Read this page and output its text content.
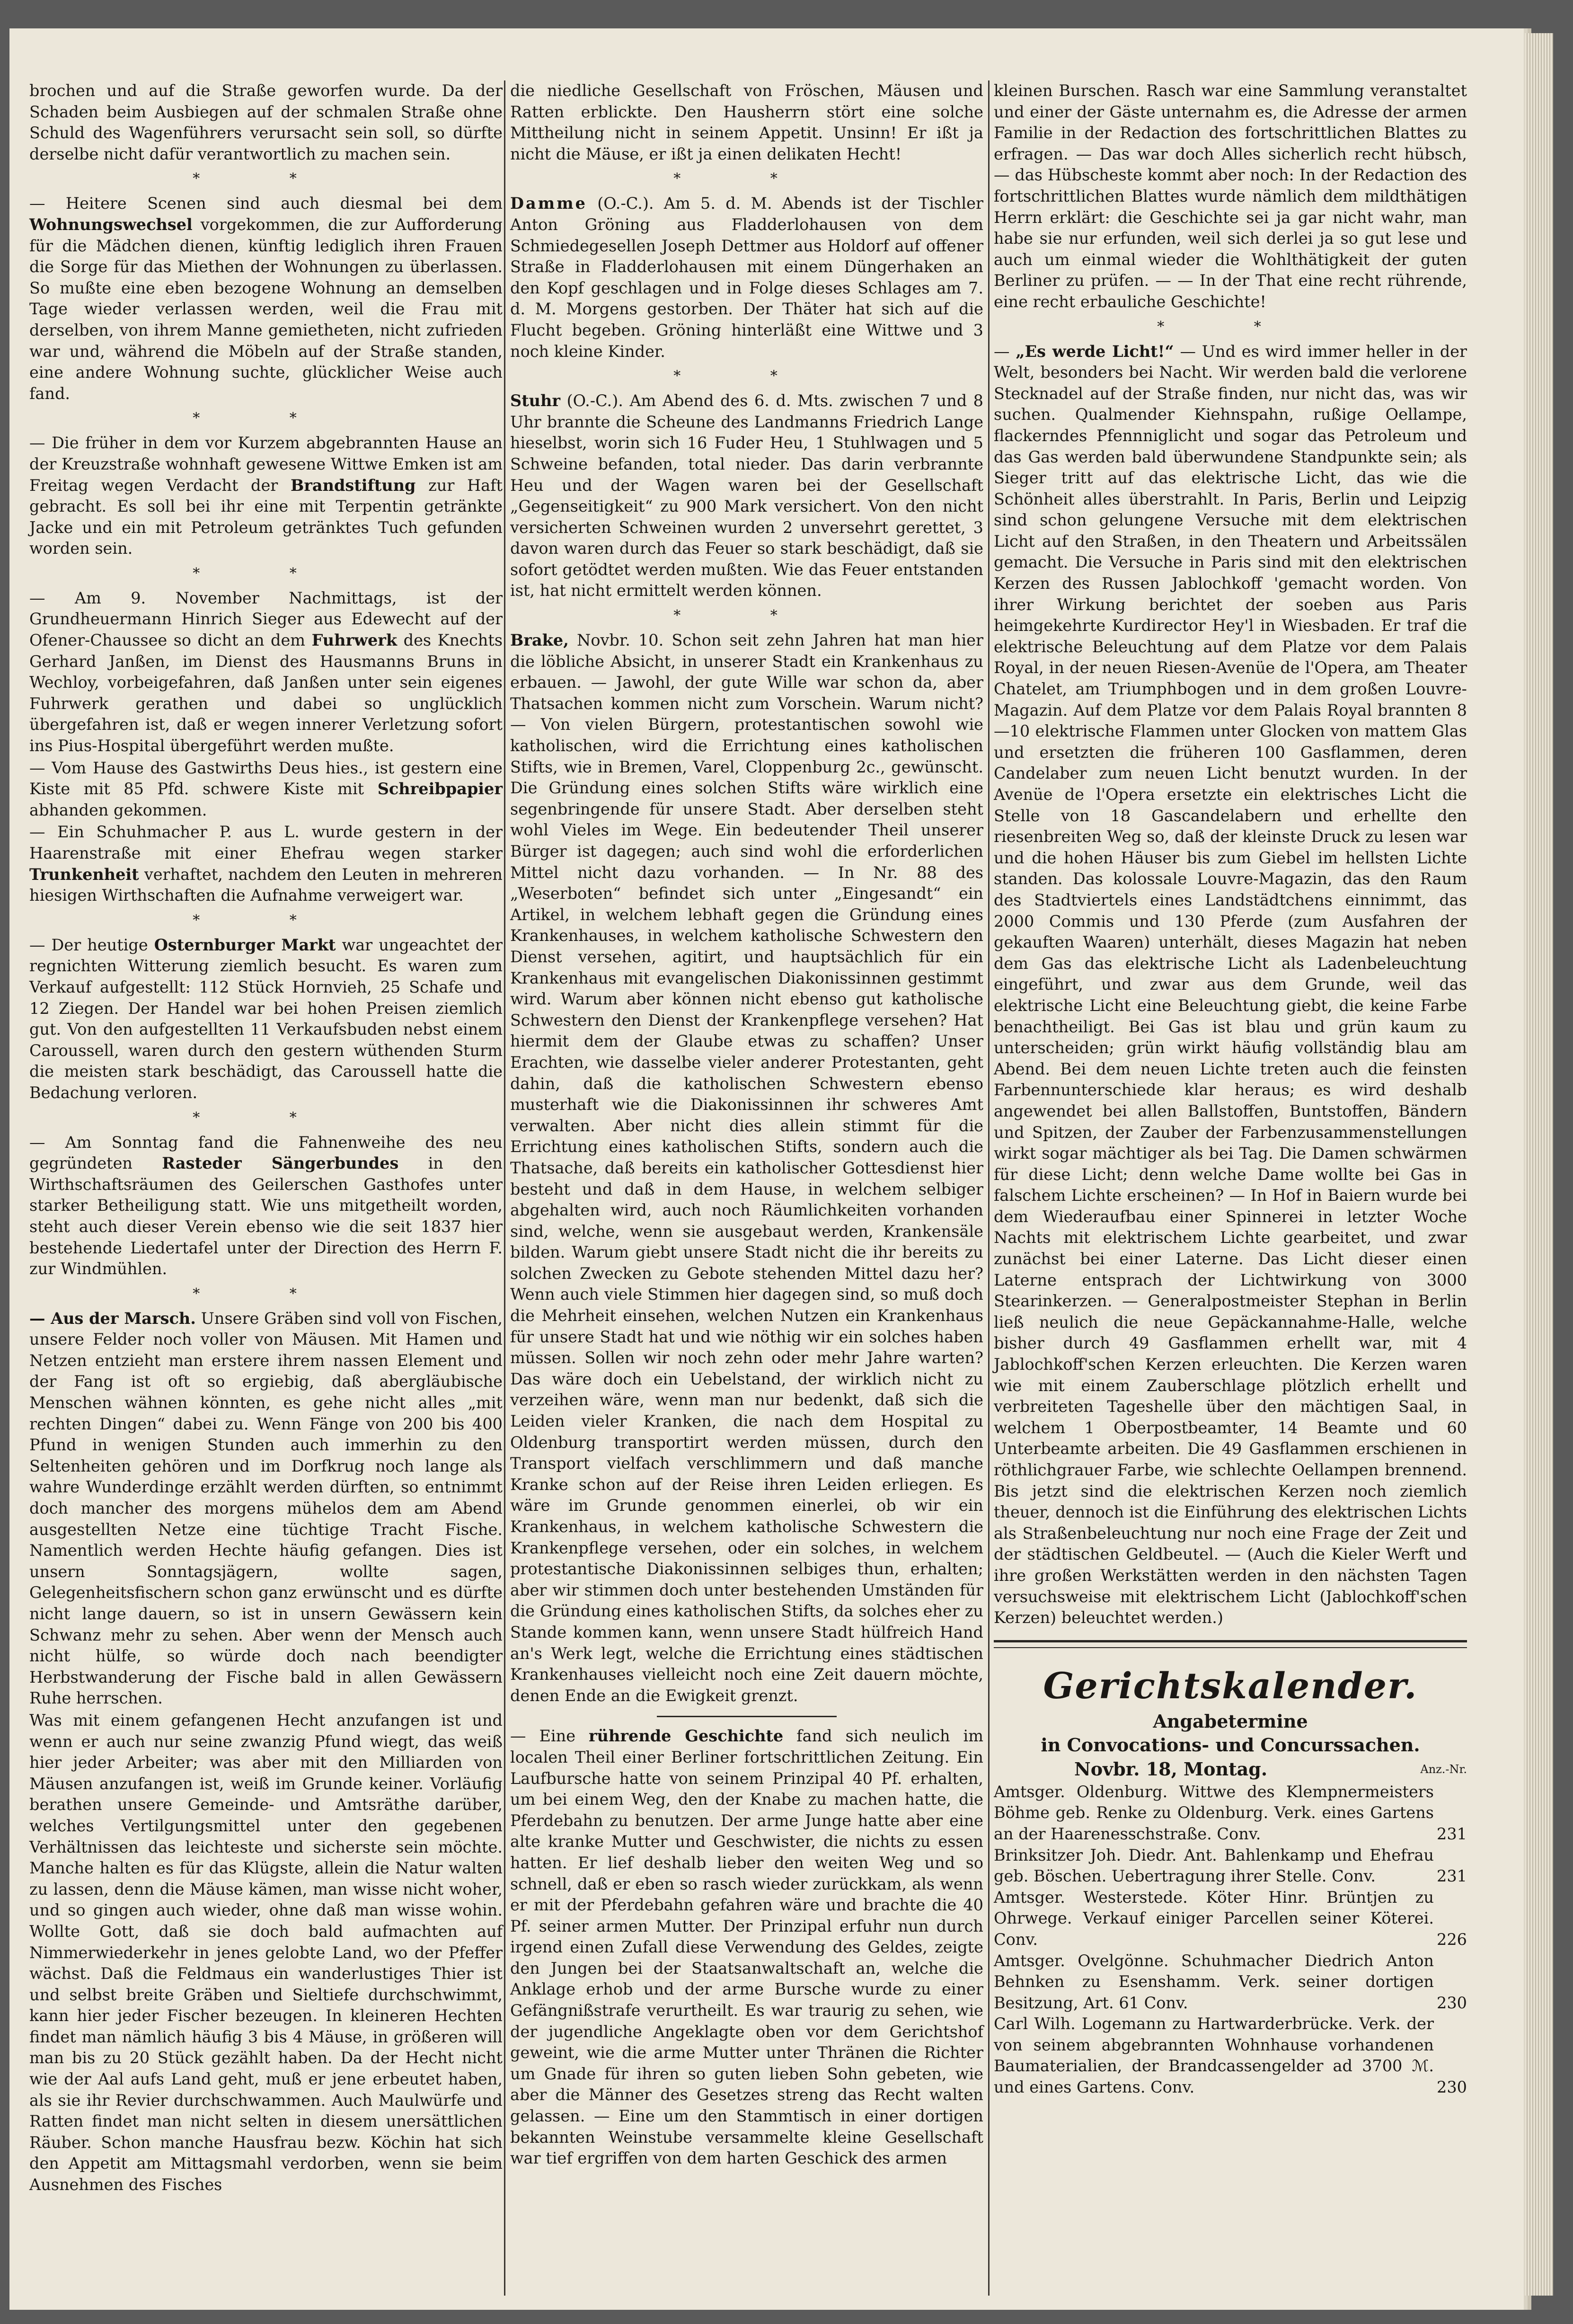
brochen und auf die Straße geworfen wurde. Da der Schaden beim Ausbiegen auf der schmalen Straße ohne Schuld des Wagenführers verursacht sein soll, so dürfte derselbe nicht dafür verantwortlich zu machen sein.

* *

— Heitere Scenen sind auch diesmal bei dem Wohnungswechsel vorgekommen, die zur Aufforderung für die Mädchen dienen, künftig lediglich ihren Frauen die Sorge für das Miethen der Wohnungen zu überlassen. So mußte eine eben bezogene Wohnung an demselben Tage wieder verlassen werden, weil die Frau mit derselben, von ihrem Manne gemietheten, nicht zufrieden war und, während die Möbeln auf der Straße standen, eine andere Wohnung suchte, glücklicher Weise auch fand.

* *

— Die früher in dem vor Kurzem abgebrannten Hause an der Kreuzstraße wohnhaft gewesene Wittwe Emken ist am Freitag wegen Verdacht der Brandstiftung zur Haft gebracht. Es soll bei ihr eine mit Terpentin getränkte Jacke und ein mit Petroleum getränktes Tuch gefunden worden sein.

* *

— Am 9. November Nachmittags, ist der Grundheuermann Hinrich Sieger aus Edewecht auf der Ofener-Chaussee so dicht an dem Fuhrwerk des Knechts Gerhard Janßen, im Dienst des Hausmanns Bruns in Wechloy, vorbeigefahren, daß Janßen unter sein eigenes Fuhrwerk gerathen und dabei so unglücklich übergefahren ist, daß er wegen innerer Verletzung sofort ins Pius-Hospital übergeführt werden mußte.

— Vom Hause des Gastwirths Deus hies., ist gestern eine Kiste mit 85 Pfd. schwere Kiste mit Schreibpapier abhanden gekommen.

— Ein Schuhmacher P. aus L. wurde gestern in der Haarenstraße mit einer Ehefrau wegen starker Trunkenheit verhaftet, nachdem den Leuten in mehreren hiesigen Wirthschaften die Aufnahme verweigert war.

* *

— Der heutige Osternburger Markt war ungeachtet der regnichten Witterung ziemlich besucht. Es waren zum Verkauf aufgestellt: 112 Stück Hornvieh, 25 Schafe und 12 Ziegen. Der Handel war bei hohen Preisen ziemlich gut. Von den aufgestellten 11 Verkaufsbuden nebst einem Caroussell, waren durch den gestern wüthenden Sturm die meisten stark beschädigt, das Caroussell hatte die Bedachung verloren.

* *

— Am Sonntag fand die Fahnenweihe des neu gegründeten Rasteder Sängerbundes in den Wirthschaftsräumen des Geilerschen Gasthofes unter starker Betheiligung statt. Wie uns mitgetheilt worden, steht auch dieser Verein ebenso wie die seit 1837 hier bestehende Liedertafel unter der Direction des Herrn F. zur Windmühlen.

* *

— Aus der Marsch. Unsere Gräben sind voll von Fischen, unsere Felder noch voller von Mäusen. Mit Hamen und Netzen entzieht man erstere ihrem nassen Element und der Fang ist oft so ergiebig, daß abergläubische Menschen wähnen könnten, es gehe nicht alles „mit rechten Dingen“ dabei zu. Wenn Fänge von 200 bis 400 Pfund in wenigen Stunden auch immerhin zu den Seltenheiten gehören und im Dorfkrug noch lange als wahre Wunderdinge erzählt werden dürften, so entnimmt doch mancher des morgens mühelos dem am Abend ausgestellten Netze eine tüchtige Tracht Fische. Namentlich werden Hechte häufig gefangen. Dies ist unsern Sonntagsjägern, wollte sagen, Gelegenheitsfischern schon ganz erwünscht und es dürfte nicht lange dauern, so ist in unsern Gewässern kein Schwanz mehr zu sehen. Aber wenn der Mensch auch nicht hülfe, so würde doch nach beendigter Herbstwanderung der Fische bald in allen Gewässern Ruhe herrschen.

Was mit einem gefangenen Hecht anzufangen ist und wenn er auch nur seine zwanzig Pfund wiegt, das weiß hier jeder Arbeiter; was aber mit den Milliarden von Mäusen anzufangen ist, weiß im Grunde keiner. Vorläufig berathen unsere Gemeinde- und Amtsräthe darüber, welches Vertilgungsmittel unter den gegebenen Verhältnissen das leichteste und sicherste sein möchte. Manche halten es für das Klügste, allein die Natur walten zu lassen, denn die Mäuse kämen, man wisse nicht woher, und so gingen auch wieder, ohne daß man wisse wohin. Wollte Gott, daß sie doch bald aufmachten auf Nimmerwiederkehr in jenes gelobte Land, wo der Pfeffer wächst. Daß die Feldmaus ein wanderlustiges Thier ist und selbst breite Gräben und Sieltiefe durchschwimmt, kann hier jeder Fischer bezeugen. In kleineren Hechten findet man nämlich häufig 3 bis 4 Mäuse, in größeren will man bis zu 20 Stück gezählt haben. Da der Hecht nicht wie der Aal aufs Land geht, muß er jene erbeutet haben, als sie ihr Revier durchschwammen. Auch Maulwürfe und Ratten findet man nicht selten in diesem unersättlichen Räuber. Schon manche Hausfrau bezw. Köchin hat sich den Appetit am Mittagsmahl verdorben, wenn sie beim Ausnehmen des Fisches

die niedliche Gesellschaft von Fröschen, Mäusen und Ratten erblickte. Den Hausherrn stört eine solche Mittheilung nicht in seinem Appetit. Unsinn! Er ißt ja nicht die Mäuse, er ißt ja einen delikaten Hecht!

* *

Damme (O.-C.). Am 5. d. M. Abends ist der Tischler Anton Gröning aus Fladderlohausen von dem Schmiedegesellen Joseph Dettmer aus Holdorf auf offener Straße in Fladderlohausen mit einem Düngerhaken an den Kopf geschlagen und in Folge dieses Schlages am 7. d. M. Morgens gestorben. Der Thäter hat sich auf die Flucht begeben. Gröning hinterläßt eine Wittwe und 3 noch kleine Kinder.

* *

Stuhr (O.-C.). Am Abend des 6. d. Mts. zwischen 7 und 8 Uhr brannte die Scheune des Landmanns Friedrich Lange hieselbst, worin sich 16 Fuder Heu, 1 Stuhlwagen und 5 Schweine befanden, total nieder. Das darin verbrannte Heu und der Wagen waren bei der Gesellschaft „Gegenseitigkeit“ zu 900 Mark versichert. Von den nicht versicherten Schweinen wurden 2 unversehrt gerettet, 3 davon waren durch das Feuer so stark beschädigt, daß sie sofort getödtet werden mußten. Wie das Feuer entstanden ist, hat nicht ermittelt werden können.

* *

Brake, Novbr. 10. Schon seit zehn Jahren hat man hier die löbliche Absicht, in unserer Stadt ein Krankenhaus zu erbauen. — Jawohl, der gute Wille war schon da, aber Thatsachen kommen nicht zum Vorschein. Warum nicht? — Von vielen Bürgern, protestantischen sowohl wie katholischen, wird die Errichtung eines katholischen Stifts, wie in Bremen, Varel, Cloppenburg 2c., gewünscht. Die Gründung eines solchen Stifts wäre wirklich eine segenbringende für unsere Stadt. Aber derselben steht wohl Vieles im Wege. Ein bedeutender Theil unserer Bürger ist dagegen; auch sind wohl die erforderlichen Mittel nicht dazu vorhanden. — In Nr. 88 des „Weserboten“ befindet sich unter „Eingesandt“ ein Artikel, in welchem lebhaft gegen die Gründung eines Krankenhauses, in welchem katholische Schwestern den Dienst versehen, agitirt, und hauptsächlich für ein Krankenhaus mit evangelischen Diakonissinnen gestimmt wird. Warum aber können nicht ebenso gut katholische Schwestern den Dienst der Krankenpflege versehen? Hat hiermit dem der Glaube etwas zu schaffen? Unser Erachten, wie dasselbe vieler anderer Protestanten, geht dahin, daß die katholischen Schwestern ebenso musterhaft wie die Diakonissinnen ihr schweres Amt verwalten. Aber nicht dies allein stimmt für die Errichtung eines katholischen Stifts, sondern auch die Thatsache, daß bereits ein katholischer Gottesdienst hier besteht und daß in dem Hause, in welchem selbiger abgehalten wird, auch noch Räumlichkeiten vorhanden sind, welche, wenn sie ausgebaut werden, Krankensäle bilden. Warum giebt unsere Stadt nicht die ihr bereits zu solchen Zwecken zu Gebote stehenden Mittel dazu her? Wenn auch viele Stimmen hier dagegen sind, so muß doch die Mehrheit einsehen, welchen Nutzen ein Krankenhaus für unsere Stadt hat und wie nöthig wir ein solches haben müssen. Sollen wir noch zehn oder mehr Jahre warten? Das wäre doch ein Uebelstand, der wirklich nicht zu verzeihen wäre, wenn man nur bedenkt, daß sich die Leiden vieler Kranken, die nach dem Hospital zu Oldenburg transportirt werden müssen, durch den Transport vielfach verschlimmern und daß manche Kranke schon auf der Reise ihren Leiden erliegen. Es wäre im Grunde genommen einerlei, ob wir ein Krankenhaus, in welchem katholische Schwestern die Krankenpflege versehen, oder ein solches, in welchem protestantische Diakonissinnen selbiges thun, erhalten; aber wir stimmen doch unter bestehenden Umständen für die Gründung eines katholischen Stifts, da solches eher zu Stande kommen kann, wenn unsere Stadt hülfreich Hand an's Werk legt, welche die Errichtung eines städtischen Krankenhauses vielleicht noch eine Zeit dauern möchte, denen Ende an die Ewigkeit grenzt.

— Eine rührende Geschichte fand sich neulich im localen Theil einer Berliner fortschrittlichen Zeitung. Ein Laufbursche hatte von seinem Prinzipal 40 Pf. erhalten, um bei einem Weg, den der Knabe zu machen hatte, die Pferdebahn zu benutzen. Der arme Junge hatte aber eine alte kranke Mutter und Geschwister, die nichts zu essen hatten. Er lief deshalb lieber den weiten Weg und so schnell, daß er eben so rasch wieder zurückkam, als wenn er mit der Pferdebahn gefahren wäre und brachte die 40 Pf. seiner armen Mutter. Der Prinzipal erfuhr nun durch irgend einen Zufall diese Verwendung des Geldes, zeigte den Jungen bei der Staatsanwaltschaft an, welche die Anklage erhob und der arme Bursche wurde zu einer Gefängnißstrafe verurtheilt. Es war traurig zu sehen, wie der jugendliche Angeklagte oben vor dem Gerichtshof geweint, wie die arme Mutter unter Thränen die Richter um Gnade für ihren so guten lieben Sohn gebeten, wie aber die Männer des Gesetzes streng das Recht walten gelassen. — Eine um den Stammtisch in einer dortigen bekannten Weinstube versammelte kleine Gesellschaft war tief ergriffen von dem harten Geschick des armen

kleinen Burschen. Rasch war eine Sammlung veranstaltet und einer der Gäste unternahm es, die Adresse der armen Familie in der Redaction des fortschrittlichen Blattes zu erfragen. — Das war doch Alles sicherlich recht hübsch, — das Hübscheste kommt aber noch: In der Redaction des fortschrittlichen Blattes wurde nämlich dem mildthätigen Herrn erklärt: die Geschichte sei ja gar nicht wahr, man habe sie nur erfunden, weil sich derlei ja so gut lese und auch um einmal wieder die Wohlthätigkeit der guten Berliner zu prüfen. — — In der That eine recht rührende, eine recht erbauliche Geschichte!

* *

— „Es werde Licht!“ — Und es wird immer heller in der Welt, besonders bei Nacht. Wir werden bald die verlorene Stecknadel auf der Straße finden, nur nicht das, was wir suchen. Qualmender Kiehnspahn, rußige Oellampe, flackerndes Pfennniglicht und sogar das Petroleum und das Gas werden bald überwundene Standpunkte sein; als Sieger tritt auf das elektrische Licht, das wie die Schönheit alles überstrahlt. In Paris, Berlin und Leipzig sind schon gelungene Versuche mit dem elektrischen Licht auf den Straßen, in den Theatern und Arbeitssälen gemacht. Die Versuche in Paris sind mit den elektrischen Kerzen des Russen Jablochkoff 'gemacht worden. Von ihrer Wirkung berichtet der soeben aus Paris heimgekehrte Kurdirector Hey'l in Wiesbaden. Er traf die elektrische Beleuchtung auf dem Platze vor dem Palais Royal, in der neuen Riesen-Avenüe de l'Opera, am Theater Chatelet, am Triumphbogen und in dem großen Louvre-Magazin. Auf dem Platze vor dem Palais Royal brannten 8—10 elektrische Flammen unter Glocken von mattem Glas und ersetzten die früheren 100 Gasflammen, deren Candelaber zum neuen Licht benutzt wurden. In der Avenüe de l'Opera ersetzte ein elektrisches Licht die Stelle von 18 Gascandelabern und erhellte den riesenbreiten Weg so, daß der kleinste Druck zu lesen war und die hohen Häuser bis zum Giebel im hellsten Lichte standen. Das kolossale Louvre-Magazin, das den Raum des Stadtviertels eines Landstädtchens einnimmt, das 2000 Commis und 130 Pferde (zum Ausfahren der gekauften Waaren) unterhält, dieses Magazin hat neben dem Gas das elektrische Licht als Ladenbeleuchtung eingeführt, und zwar aus dem Grunde, weil das elektrische Licht eine Beleuchtung giebt, die keine Farbe benachtheiligt. Bei Gas ist blau und grün kaum zu unterscheiden; grün wirkt häufig vollständig blau am Abend. Bei dem neuen Lichte treten auch die feinsten Farbennunterschiede klar heraus; es wird deshalb angewendet bei allen Ballstoffen, Buntstoffen, Bändern und Spitzen, der Zauber der Farbenzusammenstellungen wirkt sogar mächtiger als bei Tag. Die Damen schwärmen für diese Licht; denn welche Dame wollte bei Gas in falschem Lichte erscheinen? — In Hof in Baiern wurde bei dem Wiederaufbau einer Spinnerei in letzter Woche Nachts mit elektrischem Lichte gearbeitet, und zwar zunächst bei einer Laterne. Das Licht dieser einen Laterne entsprach der Lichtwirkung von 3000 Stearinkerzen. — Generalpostmeister Stephan in Berlin ließ neulich die neue Gepäckannahme-Halle, welche bisher durch 49 Gasflammen erhellt war, mit 4 Jablochkoff'schen Kerzen erleuchten. Die Kerzen waren wie mit einem Zauberschlage plötzlich erhellt und verbreiteten Tageshelle über den mächtigen Saal, in welchem 1 Oberpostbeamter, 14 Beamte und 60 Unterbeamte arbeiten. Die 49 Gasflammen erschienen in röthlichgrauer Farbe, wie schlechte Oellampen brennend. Bis jetzt sind die elektrischen Kerzen noch ziemlich theuer, dennoch ist die Einführung des elektrischen Lichts als Straßenbeleuchtung nur noch eine Frage der Zeit und der städtischen Geldbeutel. — (Auch die Kieler Werft und ihre großen Werkstätten werden in den nächsten Tagen versuchsweise mit elektrischem Licht (Jablochkoff'schen Kerzen) beleuchtet werden.)

Gerichtskalender.
Angabetermine
in Convocations- und Concurssachen.
Novbr. 18, Montag.	Anz.-Nr.
Amtsger. Oldenburg. Wittwe des Klempnermeisters Böhme geb. Renke zu Oldenburg. Verk. eines Gartens an der Haarenesschstraße. Conv.	231
Brinksitzer Joh. Diedr. Ant. Bahlenkamp und Ehefrau geb. Böschen. Uebertragung ihrer Stelle. Conv.	231
Amtsger. Westerstede. Köter Hinr. Brüntjen zu Ohrwege. Verkauf einiger Parcellen seiner Köterei. Conv.	226
Amtsger. Ovelgönne. Schuhmacher Diedrich Anton Behnken zu Esenshamm. Verk. seiner dortigen Besitzung, Art. 61 Conv.	230
Carl Wilh. Logemann zu Hartwarderbrücke. Verk. der von seinem abgebrannten Wohnhause vorhandenen Baumaterialien, der Brandcassengelder ad 3700 ℳ. und eines Gartens. Conv.	230
